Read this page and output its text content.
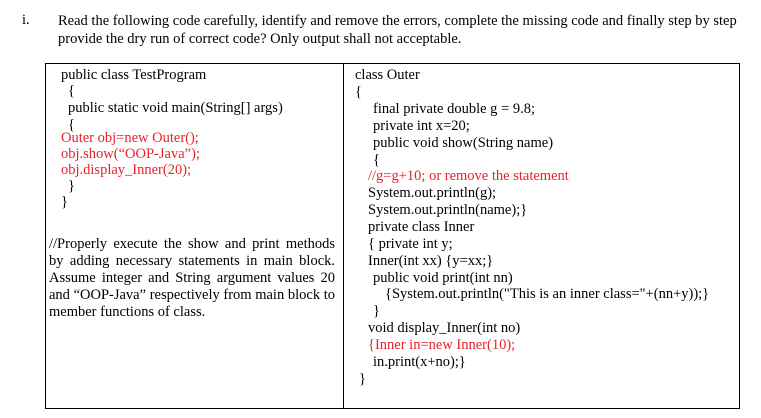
i. Read the following code carefully, identify and remove the errors, complete the missing code and finally step by step provide the dry run of correct code? Only output shall not acceptable.

public class TestProgram
{
public static void main(String[] args)
{
Outer obj=new Outer();
obj.show(“OOP-Java”);
obj.display_Inner(20);
}
}

//Properly execute the show and print methods by adding necessary statements in main block. Assume integer and String argument values 20 and “OOP-Java” respectively from main block to member functions of class.

class Outer
{
final private double g = 9.8;
private int x=20;
public void show(String name)
{
//g=g+10; or remove the statement
System.out.println(g);
System.out.println(name);}
private class Inner
{ private int y;
Inner(int xx) {y=xx;}
public void print(int nn)
{System.out.println("This is an inner class="+(nn+y));}
}
void display_Inner(int no)
{Inner in=new Inner(10);
in.print(x+no);}
}
